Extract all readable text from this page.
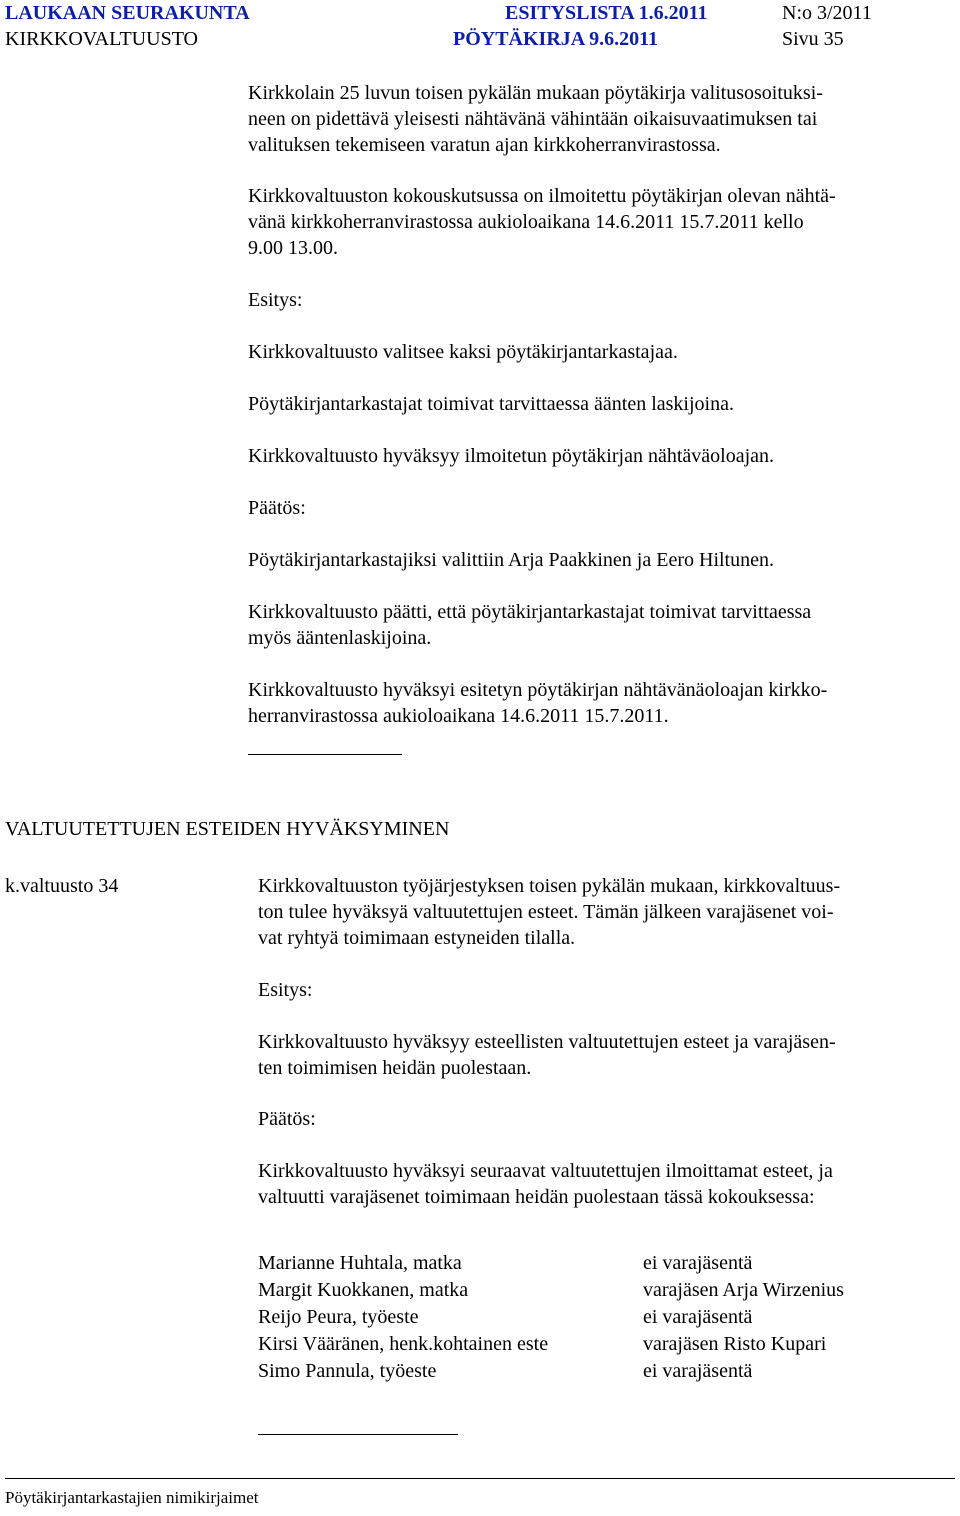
LAUKAAN SEURAKUNTA	ESITYSLISTA 1.6.2011	N:o 3/2011
KIRKKOVALTUUSTO	PÖYTÄKIRJA 9.6.2011	Sivu 35
Kirkkolain 25 luvun toisen pykälän mukaan pöytäkirja valitusosoituksi-
neen on pidettävä yleisesti nähtävänä vähintään oikaisuvaatimuksen tai
valituksen tekemiseen varatun ajan kirkkoherranvirastossa.
Kirkkovaltuuston kokouskutsussa on ilmoitettu pöytäkirjan olevan nähtä-
vänä kirkkoherranvirastossa aukioloaikana 14.6.2011 15.7.2011 kello
9.00 13.00.
Esitys:
Kirkkovaltuusto valitsee kaksi pöytäkirjantarkastajaa.
Pöytäkirjantarkastajat toimivat tarvittaessa äänten laskijoina.
Kirkkovaltuusto hyväksyy ilmoitetun pöytäkirjan nähtäväoloajan.
Päätös:
Pöytäkirjantarkastajiksi valittiin Arja Paakkinen ja Eero Hiltunen.
Kirkkovaltuusto päätti, että pöytäkirjantarkastajat toimivat tarvittaessa
myös ääntenlaskijoina.
Kirkkovaltuusto hyväksyi esitetyn pöytäkirjan nähtävänäoloajan kirkko-
herranvirastossa aukioloaikana 14.6.2011 15.7.2011.
VALTUUTETTUJEN ESTEIDEN HYVÄKSYMINEN
k.valtuusto 34	Kirkkovaltuuston työjärjestyksen toisen pykälän mukaan, kirkkovaltuus-
ton tulee hyväksyä valtuutettujen esteet. Tämän jälkeen varajäsenet voi-
vat ryhtyä toimimaan estyneiden tilalla.
Esitys:
Kirkkovaltuusto hyväksyy esteellisten valtuutettujen esteet ja varajäsen-
ten toimimisen heidän puolestaan.
Päätös:
Kirkkovaltuusto hyväksyi seuraavat valtuutettujen ilmoittamat esteet, ja
valtuutti varajäsenet toimimaan heidän puolestaan tässä kokouksessa:
Marianne Huhtala, matka	ei varajäsentä
Margit Kuokkanen, matka	varajäsen Arja Wirzenius
Reijo Peura, työeste	ei varajäsentä
Kirsi Vääränen, henk.kohtainen este	varajäsen Risto Kupari
Simo Pannula, työeste	ei varajäsentä
Pöytäkirjantarkastajien nimikirjaimet
